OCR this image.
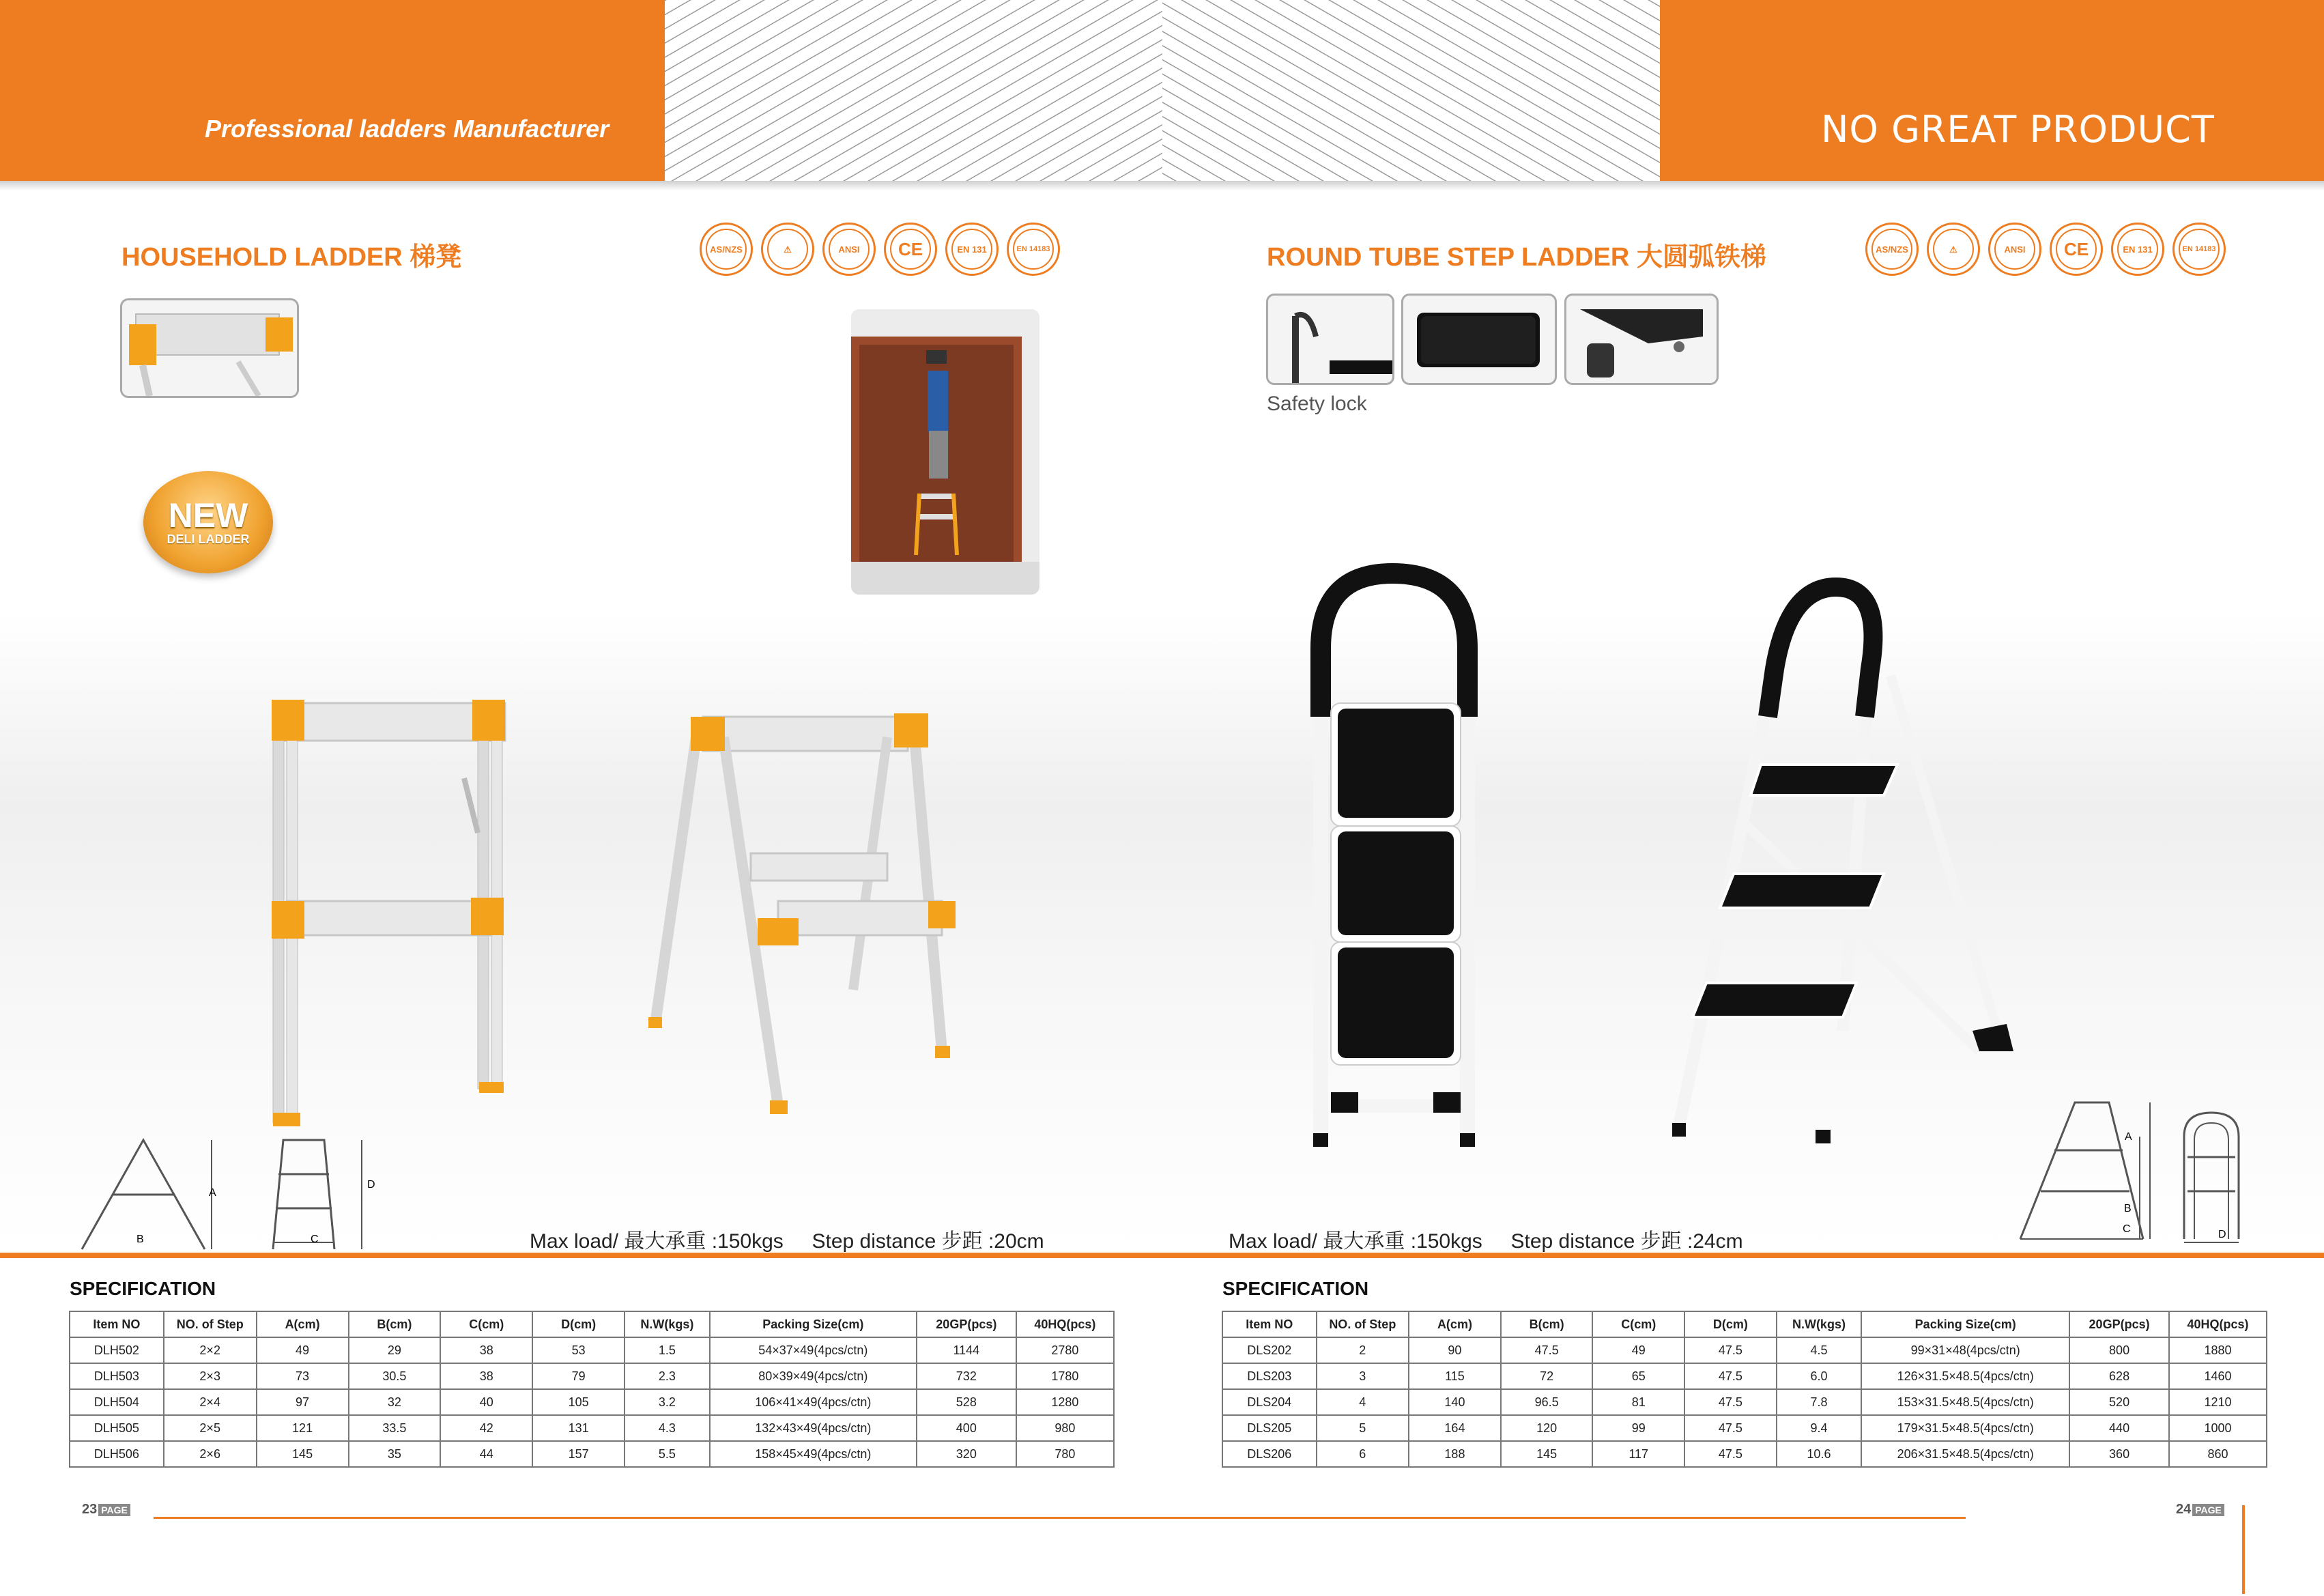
Professional ladders Manufacturer	NO GREAT PRODUCT
HOUSEHOLD LADDER 梯凳	AS/NZS	⚠	ANSI CE	EN 131	EN 14183
NEW
DELI LADDER
A
B	C
D
Max load/ 最大承重 :150kgs     Step distance 步距 :20cm
SPECIFICATION
Item NO	NO. of Step	A(cm)	B(cm)	C(cm)	D(cm)	N.W(kgs)	Packing Size(cm)	20GP(pcs)	40HQ(pcs)
DLH502	2×2	49	29	38	53	1.5	54×37×49(4pcs/ctn)	1144	2780
DLH503	2×3	73	30.5	38	79	2.3	80×39×49(4pcs/ctn)	732	1780
DLH504	2×4	97	32	40	105	3.2	106×41×49(4pcs/ctn)	528	1280
DLH505	2×5	121	33.5	42	131	4.3	132×43×49(4pcs/ctn)	400	980
DLH506	2×6	145	35	44	157	5.5	158×45×49(4pcs/ctn)	320	780
23 PAGE
ROUND TUBE STEP LADDER 大圆弧铁梯	AS/NZS	⚠	ANSI CE	EN 131	EN 14183
Safety lock
C
B
A
D
Max load/ 最大承重 :150kgs     Step distance 步距 :24cm
SPECIFICATION
Item NO	NO. of Step	A(cm)	B(cm)	C(cm)	D(cm)	N.W(kgs)	Packing Size(cm)	20GP(pcs)	40HQ(pcs)
DLS202	2	90	47.5	49	47.5	4.5	99×31×48(4pcs/ctn)	800	1880
DLS203	3	115	72	65	47.5	6.0	126×31.5×48.5(4pcs/ctn)	628	1460
DLS204	4	140	96.5	81	47.5	7.8	153×31.5×48.5(4pcs/ctn)	520	1210
DLS205	5	164	120	99	47.5	9.4	179×31.5×48.5(4pcs/ctn)	440	1000
DLS206	6	188	145	117	47.5	10.6	206×31.5×48.5(4pcs/ctn)	360	860
24 PAGE
